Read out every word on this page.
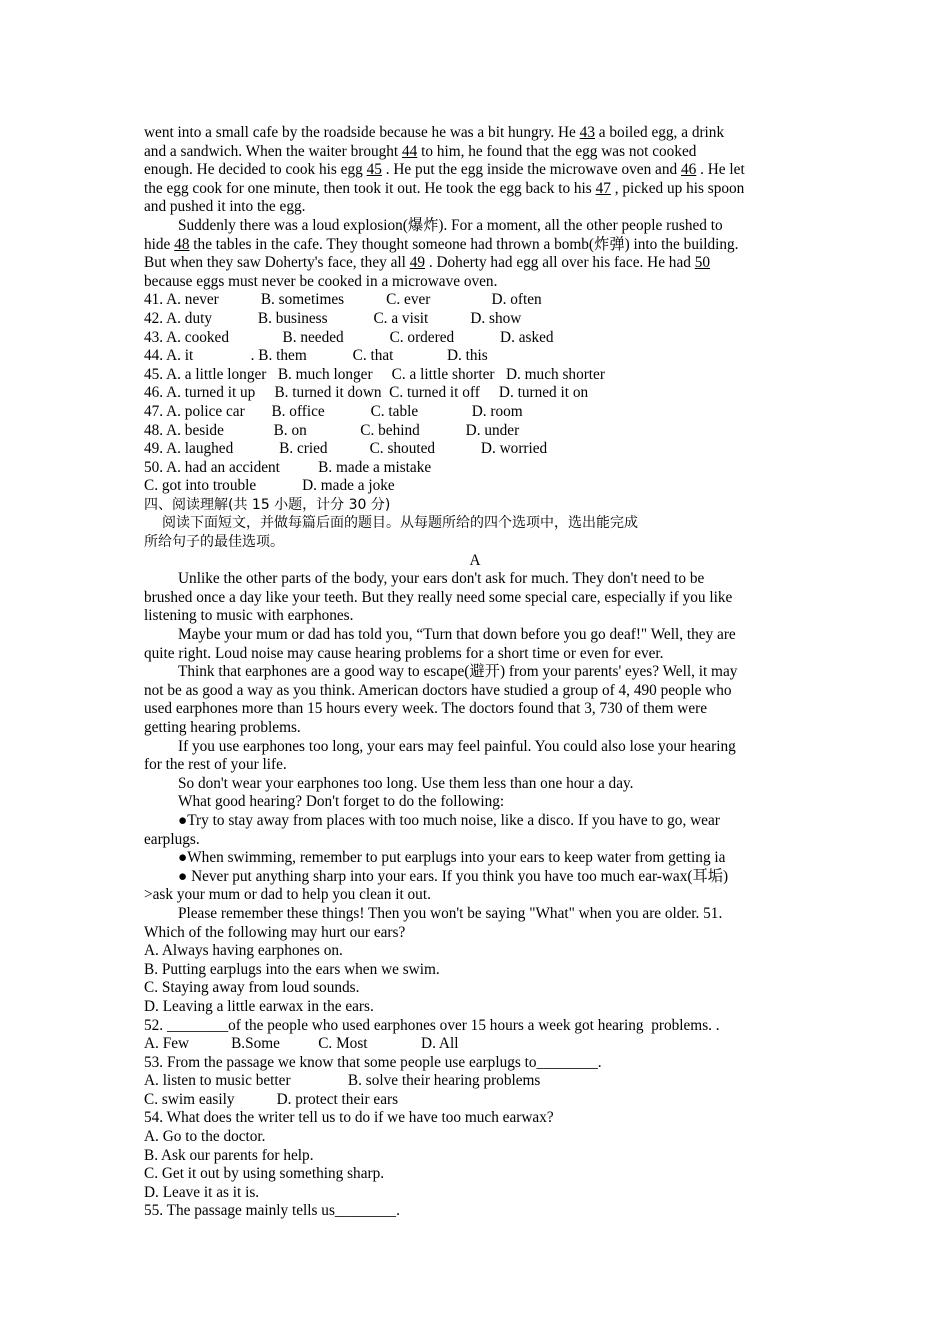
went into a small cafe by the roadside because he was a bit hungry. He 43 a boiled egg, a drink

and a sandwich. When the waiter brought 44 to him, he found that the egg was not cooked

enough. He decided to cook his egg 45 . He put the egg inside the microwave oven and 46 . He let

the egg cook for one minute, then took it out. He took the egg back to his 47 , picked up his spoon

and pushed it into the egg.

Suddenly there was a loud explosion(爆炸). For a moment, all the other people rushed to

hide 48 the tables in the cafe. They thought someone had thrown a bomb(炸弹) into the building.

But when they saw Doherty's face, they all 49 . Doherty had egg all over his face. He had 50

because eggs must never be cooked in a microwave oven.

41. A. never           B. sometimes           C. ever                D. often

42. A. duty            B. business            C. a visit           D. show

43. A. cooked              B. needed            C. ordered            D. asked

44. A. it               . B. them            C. that              D. this

45. A. a little longer   B. much longer     C. a little shorter   D. much shorter

46. A. turned it up     B. turned it down  C. turned it off     D. turned it on

47. A. police car       B. office            C. table              D. room

48. A. beside             B. on              C. behind            D. under

49. A. laughed            B. cried           C. shouted            D. worried

50. A. had an accident          B. made a mistake

C. got into trouble            D. made a joke

四、阅读理解(共 15 小题，计分 30 分)

阅读下面短文，并做每篇后面的题目。从每题所给的四个选项中，选出能完成

所给句子的最佳选项。

A

Unlike the other parts of the body, your ears don't ask for much. They don't need to be

brushed once a day like your teeth. But they really need some special care, especially if you like

listening to music with earphones.

Maybe your mum or dad has told you, “Turn that down before you go deaf!" Well, they are

quite right. Loud noise may cause hearing problems for a short time or even for ever.

Think that earphones are a good way to escape(避开) from your parents' eyes? Well, it may

not be as good a way as you think. American doctors have studied a group of 4, 490 people who

used earphones more than 15 hours every week. The doctors found that 3, 730 of them were

getting hearing problems.

If you use earphones too long, your ears may feel painful. You could also lose your hearing

for the rest of your life.

So don't wear your earphones too long. Use them less than one hour a day.

What good hearing? Don't forget to do the following:

●Try to stay away from places with too much noise, like a disco. If you have to go, wear

earplugs.

●When swimming, remember to put earplugs into your ears to keep water from getting ia

● Never put anything sharp into your ears. If you think you have too much ear-wax(耳垢)

>ask your mum or dad to help you clean it out.

Please remember these things! Then you won't be saying "What" when you are older. 51.

Which of the following may hurt our ears?

A. Always having earphones on.

B. Putting earplugs into the ears when we swim.

C. Staying away from loud sounds.

D. Leaving a little earwax in the ears.

52. ________of the people who used earphones over 15 hours a week got hearing  problems. .

A. Few           B.Some          C. Most              D. All

53. From the passage we know that some people use earplugs to________.

A. listen to music better               B. solve their hearing problems

C. swim easily           D. protect their ears

54. What does the writer tell us to do if we have too much earwax?

A. Go to the doctor.

B. Ask our parents for help.

C. Get it out by using something sharp.

D. Leave it as it is.

55. The passage mainly tells us________.
